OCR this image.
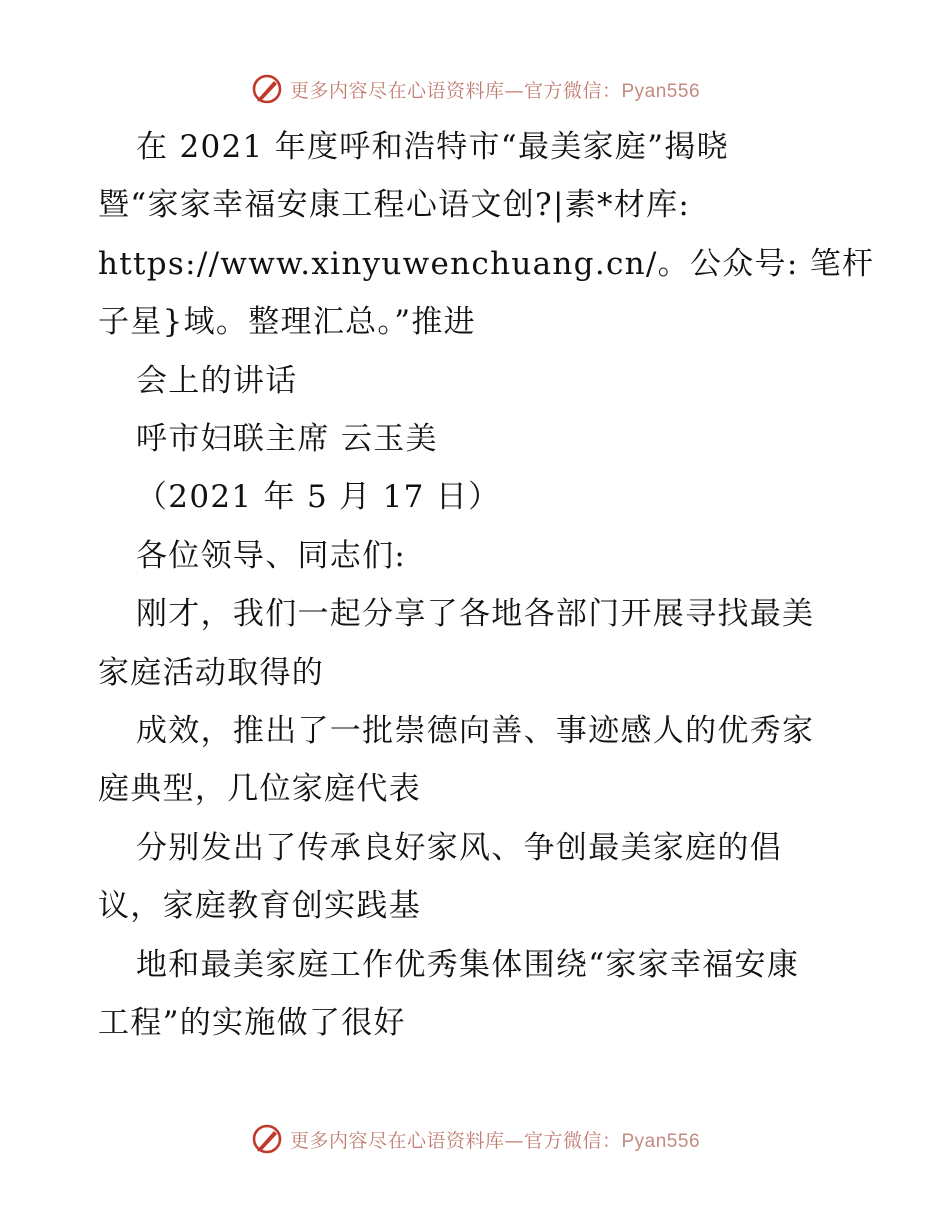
更多内容尽在心语资料库—官方微信：Pyan556

在 2021 年度呼和浩特市“最美家庭”揭晓

暨“家家幸福安康工程心语文创?|素*材库:

https://www.xinyuwenchuang.cn/。公众号: 笔杆

子星}域。整理汇总。”推进

会上的讲话

呼市妇联主席 云玉美

（2021 年 5 月 17 日）

各位领导、同志们:

刚才，我们一起分享了各地各部门开展寻找最美

家庭活动取得的

成效，推出了一批崇德向善、事迹感人的优秀家

庭典型，几位家庭代表

分别发出了传承良好家风、争创最美家庭的倡

议，家庭教育创实践基

地和最美家庭工作优秀集体围绕“家家幸福安康

工程”的实施做了很好

更多内容尽在心语资料库—官方微信：Pyan556
